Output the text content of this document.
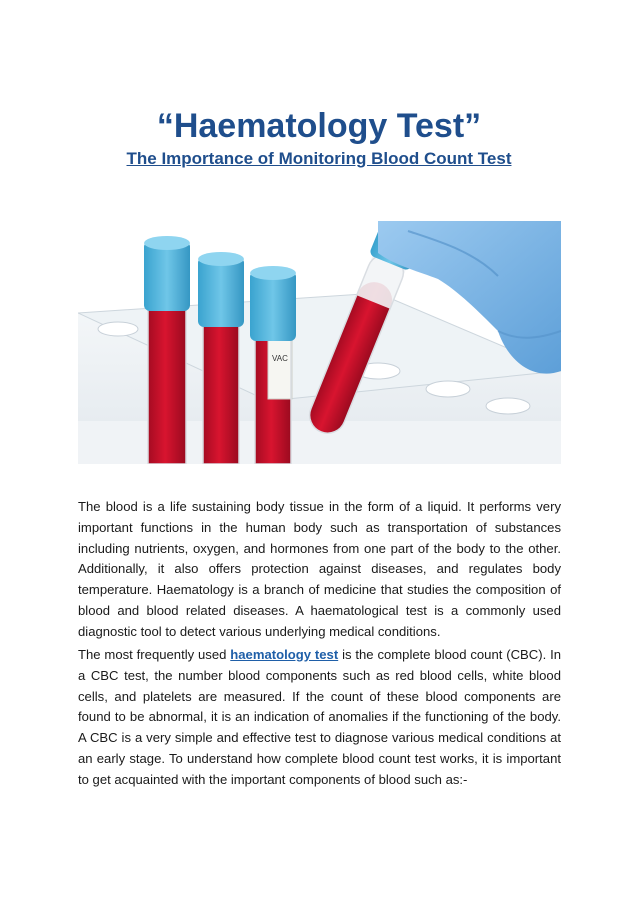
“Haematology Test”
The Importance of Monitoring Blood Count Test
VAC

The blood is a life sustaining body tissue in the form of a liquid. It performs very important functions in the human body such as transportation of substances including nutrients, oxygen, and hormones from one part of the body to the other. Additionally, it also offers protection against diseases, and regulates body temperature. Haematology is a branch of medicine that studies the composition of blood and blood related diseases. A haematological test is a commonly used diagnostic tool to detect various underlying medical conditions.

The most frequently used haematology test is the complete blood count (CBC). In a CBC test, the number blood components such as red blood cells, white blood cells, and platelets are measured. If the count of these blood components are found to be abnormal, it is an indication of anomalies if the functioning of the body. A CBC is a very simple and effective test to diagnose various medical conditions at an early stage. To understand how complete blood count test works, it is important to get acquainted with the important components of blood such as:-
